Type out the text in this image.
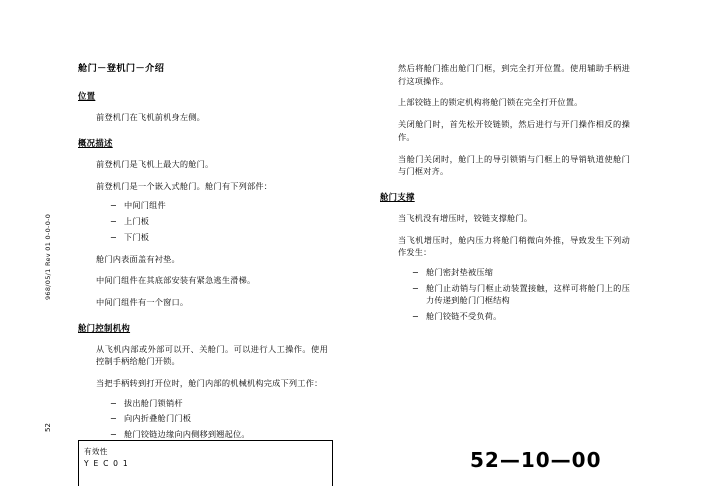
968/05/1 Rev 01 0-0-0-0
52
舱门－登机门－介绍
位置

前登机门在飞机前机身左侧。

概况描述

前登机门是飞机上最大的舱门。

前登机门是一个嵌入式舱门。舱门有下列部件：

− 中间门组件
− 上门板
− 下门板

舱门内表面盖有衬垫。

中间门组件在其底部安装有紧急逃生滑梯。

中间门组件有一个窗口。

舱门控制机构

从飞机内部或外部可以开、关舱门。可以进行人工操作。使用控制手柄给舱门开锁。

当把手柄转到打开位时，舱门内部的机械机构完成下列工作：

− 拔出舱门锁销杆
− 向内折叠舱门门板
− 舱门铰链边缘向内侧移到翘起位。

然后将舱门推出舱门门框，到完全打开位置。使用辅助手柄进行这项操作。

上部铰链上的锁定机构将舱门锁在完全打开位置。

关闭舱门时，首先松开铰链锁，然后进行与开门操作相反的操作。

当舱门关闭时，舱门上的导引锁销与门框上的导销轨道使舱门与门框对齐。

舱门支撑

当飞机没有增压时，铰链支撑舱门。

当飞机增压时，舱内压力将舱门稍微向外推，导致发生下列动作发生：

− 舱门密封垫被压缩
− 舱门止动销与门框止动装置接触，这样可将舱门上的压力传递到舱门门框结构
− 舱门铰链不受负荷。
有效性
Y E C 0 1	52—10—00
